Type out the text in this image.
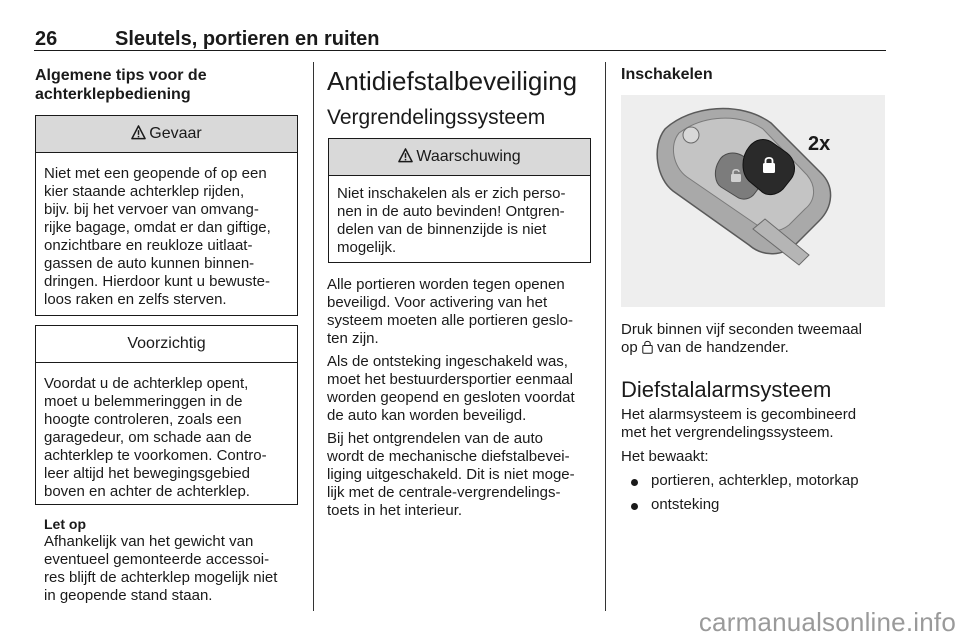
26	Sleutels, portieren en ruiten
Algemene tips voor de
achterklepbediening
Gevaar
Niet met een geopende of op een
kier staande achterklep rijden,
bijv. bij het vervoer van omvang-
rijke bagage, omdat er dan giftige,
onzichtbare en reukloze uitlaat-
gassen de auto kunnen binnen-
dringen. Hierdoor kunt u bewuste-
loos raken en zelfs sterven.
Voorzichtig
Voordat u de achterklep opent,
moet u belemmeringgen in de
hoogte controleren, zoals een
garagedeur, om schade aan de
achterklep te voorkomen. Contro-
leer altijd het bewegingsgebied
boven en achter de achterklep.
Let op
Afhankelijk van het gewicht van
eventueel gemonteerde accessoi-
res blijft de achterklep mogelijk niet
in geopende stand staan.
Antidiefstalbeveiliging
Vergrendelingssysteem
Waarschuwing
Niet inschakelen als er zich perso-
nen in de auto bevinden! Ontgren-
delen van de binnenzijde is niet
mogelijk.
Alle portieren worden tegen openen
beveiligd. Voor activering van het
systeem moeten alle portieren geslo-
ten zijn.
Als de ontsteking ingeschakeld was,
moet het bestuurdersportier eenmaal
worden geopend en gesloten voordat
de auto kan worden beveiligd.
Bij het ontgrendelen van de auto
wordt de mechanische diefstalbevei-
liging uitgeschakeld. Dit is niet moge-
lijk met de centrale-vergrendelings-
toets in het interieur.
Inschakelen
2x
Druk binnen vijf seconden tweemaal
op van de handzender.
Diefstalalarmsysteem
Het alarmsysteem is gecombineerd
met het vergrendelingssysteem.
Het bewaakt:
portieren, achterklep, motorkap
ontsteking
carmanualsonline.info
